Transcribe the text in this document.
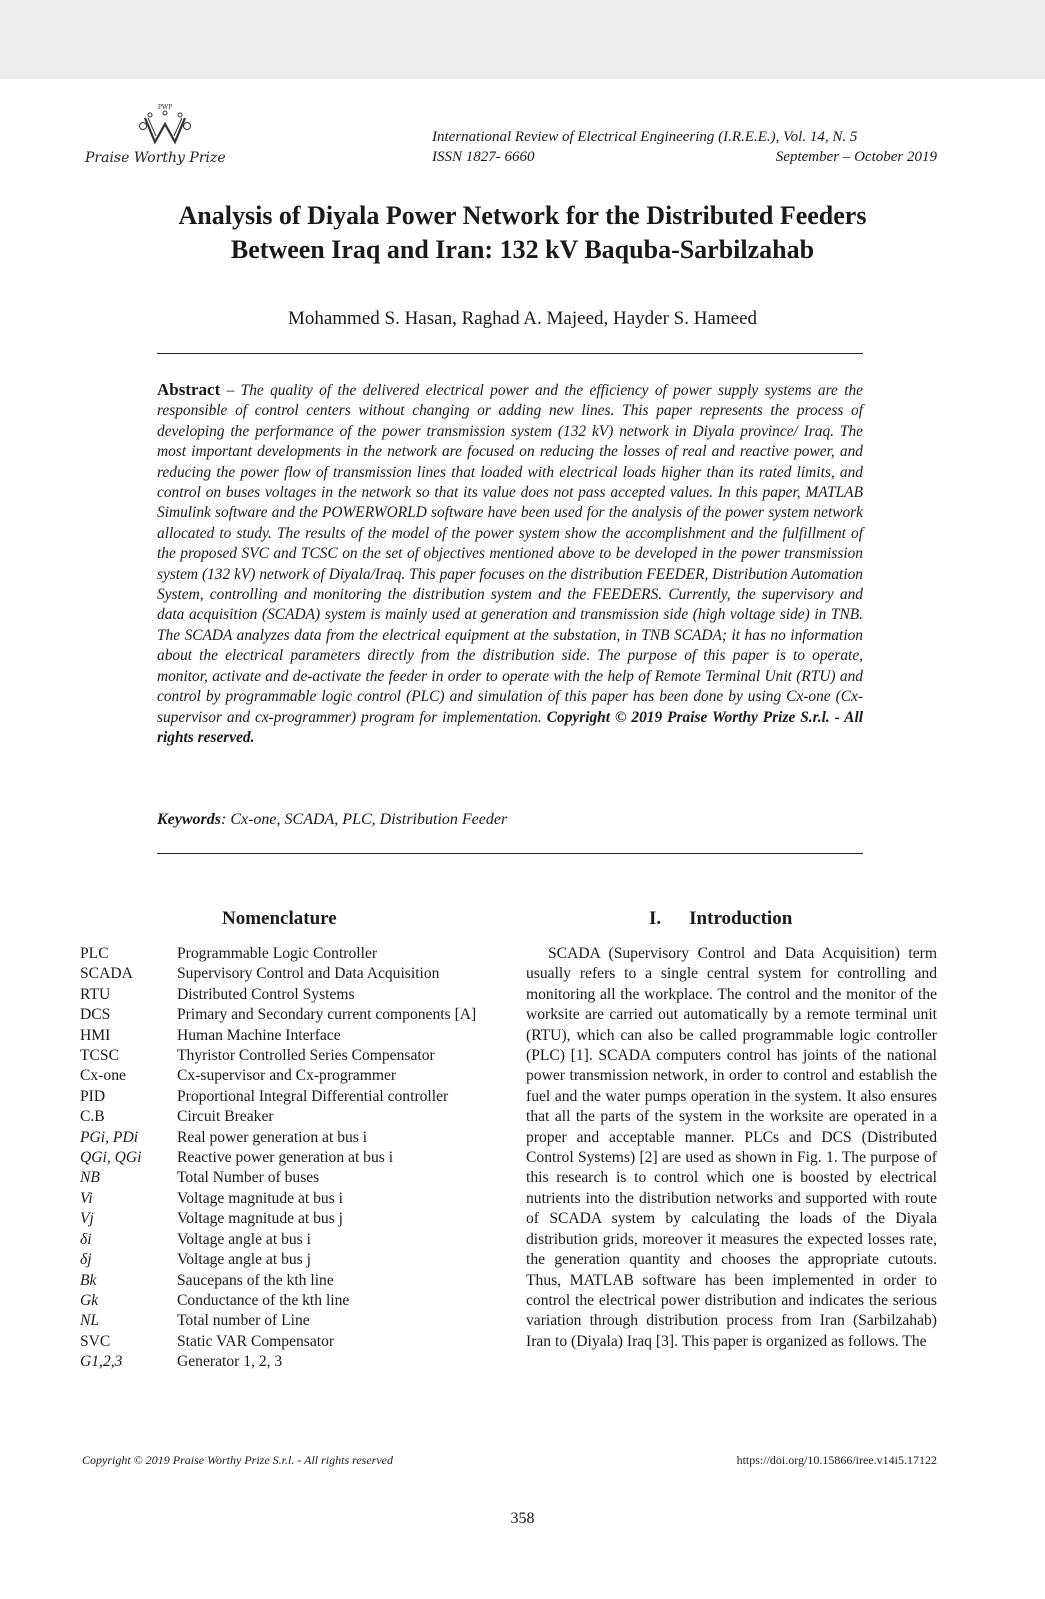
PWP
Praise Worthy Prize
International Review of Electrical Engineering (I.R.E.E.), Vol. 14, N. 5
ISSN 1827- 6660	September – October 2019
Analysis of Diyala Power Network for the Distributed Feeders
Between Iraq and Iran: 132 kV Baquba-Sarbilzahab
Mohammed S. Hasan, Raghad A. Majeed, Hayder S. Hameed
Abstract – The quality of the delivered electrical power and the efficiency of power supply systems are the responsible of control centers without changing or adding new lines. This paper represents the process of developing the performance of the power transmission system (132 kV) network in Diyala province/ Iraq. The most important developments in the network are focused on reducing the losses of real and reactive power, and reducing the power flow of transmission lines that loaded with electrical loads higher than its rated limits, and control on buses voltages in the network so that its value does not pass accepted values. In this paper, MATLAB Simulink software and the POWERWORLD software have been used for the analysis of the power system network allocated to study. The results of the model of the power system show the accomplishment and the fulfillment of the proposed SVC and TCSC on the set of objectives mentioned above to be developed in the power transmission system (132 kV) network of Diyala/Iraq. This paper focuses on the distribution FEEDER, Distribution Automation System, controlling and monitoring the distribution system and the FEEDERS. Currently, the supervisory and data acquisition (SCADA) system is mainly used at generation and transmission side (high voltage side) in TNB. The SCADA analyzes data from the electrical equipment at the substation, in TNB SCADA; it has no information about the electrical parameters directly from the distribution side. The purpose of this paper is to operate, monitor, activate and de-activate the feeder in order to operate with the help of Remote Terminal Unit (RTU) and control by programmable logic control (PLC) and simulation of this paper has been done by using Cx-one (Cx-supervisor and cx-programmer) program for implementation. Copyright © 2019 Praise Worthy Prize S.r.l. - All rights reserved.
Keywords: Cx-one, SCADA, PLC, Distribution Feeder
Nomenclature	I. Introduction
PLC	Programmable Logic Controller
SCADA	Supervisory Control and Data Acquisition
RTU	Distributed Control Systems
DCS	Primary and Secondary current components [A]
HMI	Human Machine Interface
TCSC	Thyristor Controlled Series Compensator
Cx-one	Cx-supervisor and Cx-programmer
PID	Proportional Integral Differential controller
C.B	Circuit Breaker
PGi, PDi	Real power generation at bus i
QGi, QGi	Reactive power generation at bus i
NB	Total Number of buses
Vi	Voltage magnitude at bus i
Vj	Voltage magnitude at bus j
δi	Voltage angle at bus i
δj	Voltage angle at bus j
Bk	Saucepans of the kth line
Gk	Conductance of the kth line
NL	Total number of Line
SVC	Static VAR Compensator
G1,2,3	Generator 1, 2, 3
SCADA (Supervisory Control and Data Acquisition) term usually refers to a single central system for controlling and monitoring all the workplace. The control and the monitor of the worksite are carried out automatically by a remote terminal unit (RTU), which can also be called programmable logic controller (PLC) [1]. SCADA computers control has joints of the national power transmission network, in order to control and establish the fuel and the water pumps operation in the system. It also ensures that all the parts of the system in the worksite are operated in a proper and acceptable manner. PLCs and DCS (Distributed Control Systems) [2] are used as shown in Fig. 1. The purpose of this research is to control which one is boosted by electrical nutrients into the distribution networks and supported with route of SCADA system by calculating the loads of the Diyala distribution grids, moreover it measures the expected losses rate, the generation quantity and chooses the appropriate cutouts. Thus, MATLAB software has been implemented in order to control the electrical power distribution and indicates the serious variation through distribution process from Iran (Sarbilzahab) Iran to (Diyala) Iraq [3]. This paper is organized as follows. The
Copyright © 2019 Praise Worthy Prize S.r.l. - All rights reserved	https://doi.org/10.15866/iree.v14i5.17122
358
